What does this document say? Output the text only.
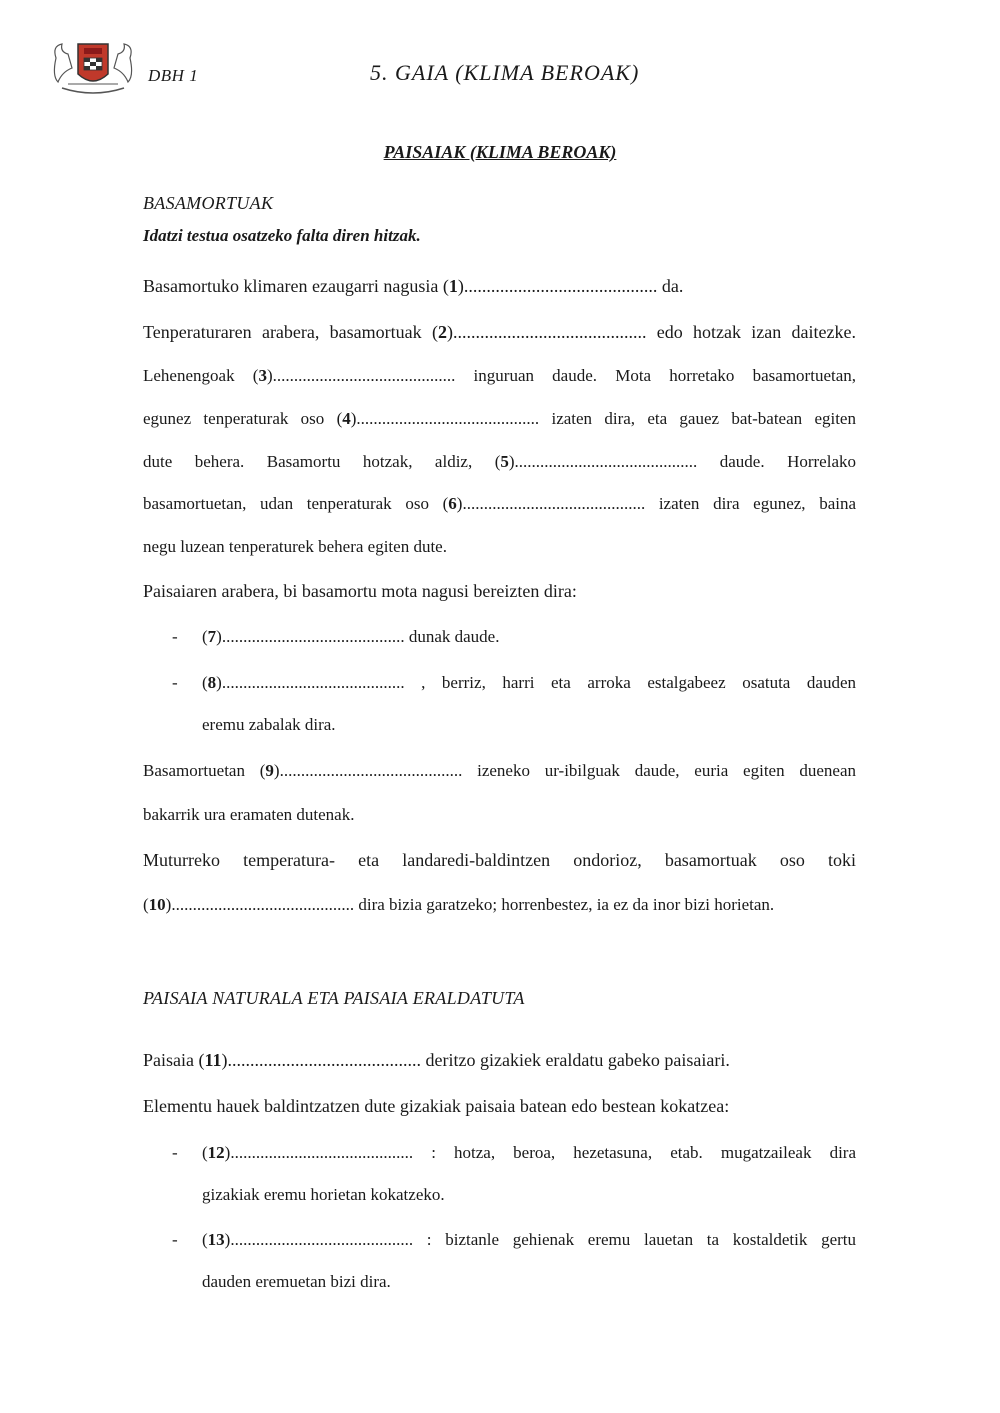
DBH 1	5. GAIA (KLIMA BEROAK)
PAISAIAK (KLIMA BEROAK)
BASAMORTUAK
Idatzi testua osatzeko falta diren hitzak.
Basamortuko klimaren ezaugarri nagusia (1)........................................... da.
Tenperaturaren arabera, basamortuak (2)........................................... edo hotzak izan daitezke.
Lehenengoak (3)........................................... inguruan daude. Mota horretako basamortuetan,
egunez tenperaturak oso (4)........................................... izaten dira, eta gauez bat-batean egiten
dute behera. Basamortu hotzak, aldiz, (5)........................................... daude. Horrelako
basamortuetan, udan tenperaturak oso (6)........................................... izaten dira egunez, baina
negu luzean tenperaturek behera egiten dute.
Paisaiaren arabera, bi basamortu mota nagusi bereizten dira:
- (7)........................................... dunak daude.
- (8)........................................... , berriz, harri eta arroka estalgabeez osatuta dauden
eremu zabalak dira.
Basamortuetan (9)........................................... izeneko ur-ibilguak daude, euria egiten duenean
bakarrik ura eramaten dutenak.
Muturreko temperatura- eta landaredi-baldintzen ondorioz, basamortuak oso toki
(10)........................................... dira bizia garatzeko; horrenbestez, ia ez da inor bizi horietan.
PAISAIA NATURALA ETA PAISAIA ERALDATUTA
Paisaia (11)........................................... deritzo gizakiek eraldatu gabeko paisaiari.
Elementu hauek baldintzatzen dute gizakiak paisaia batean edo bestean kokatzea:
- (12)........................................... : hotza, beroa, hezetasuna, etab. mugatzaileak dira
gizakiak eremu horietan kokatzeko.
- (13)........................................... : biztanle gehienak eremu lauetan ta kostaldetik gertu
dauden eremuetan bizi dira.
